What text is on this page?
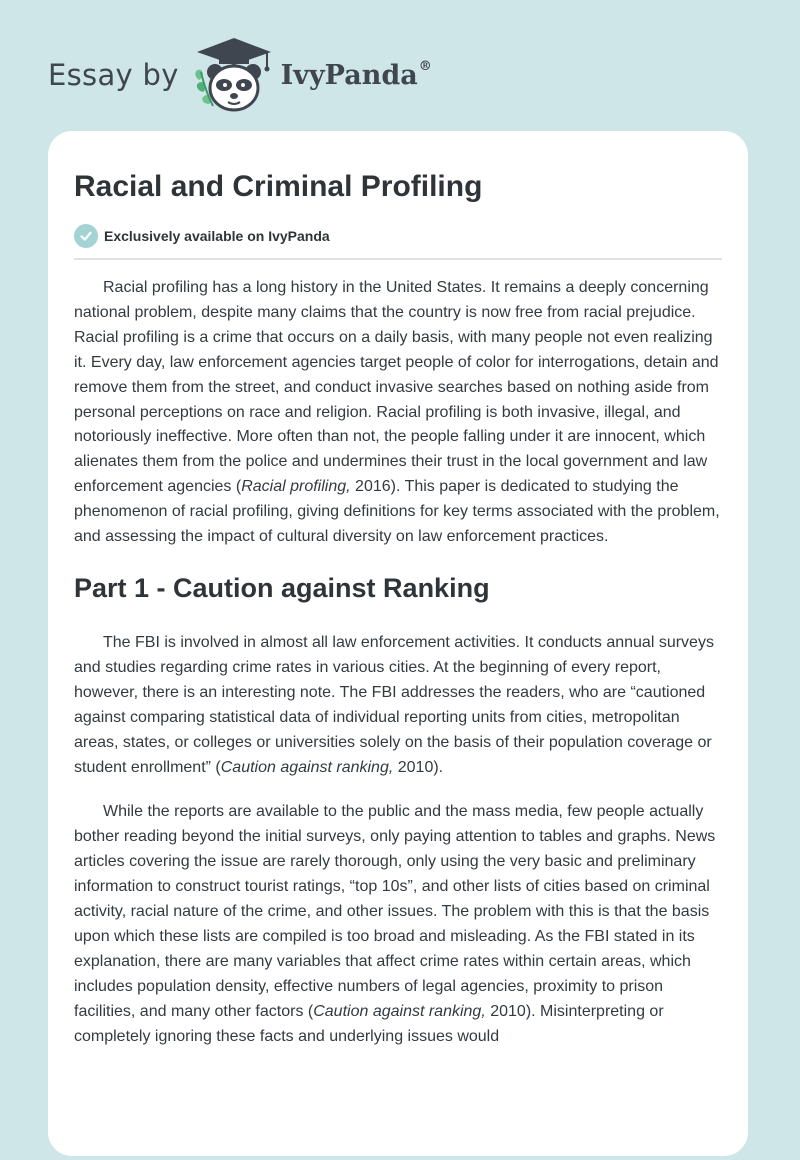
Essay by	IvyPanda®
Racial and Criminal Profiling
Exclusively available on IvyPanda

Racial profiling has a long history in the United States. It remains a deeply concerning national problem, despite many claims that the country is now free from racial prejudice. Racial profiling is a crime that occurs on a daily basis, with many people not even realizing it. Every day, law enforcement agencies target people of color for interrogations, detain and remove them from the street, and conduct invasive searches based on nothing aside from personal perceptions on race and religion. Racial profiling is both invasive, illegal, and notoriously ineffective. More often than not, the people falling under it are innocent, which alienates them from the police and undermines their trust in the local government and law enforcement agencies (Racial profiling, 2016). This paper is dedicated to studying the phenomenon of racial profiling, giving definitions for key terms associated with the problem, and assessing the impact of cultural diversity on law enforcement practices.

Part 1 - Caution against Ranking

The FBI is involved in almost all law enforcement activities. It conducts annual surveys and studies regarding crime rates in various cities. At the beginning of every report, however, there is an interesting note. The FBI addresses the readers, who are “cautioned against comparing statistical data of individual reporting units from cities, metropolitan areas, states, or colleges or universities solely on the basis of their population coverage or student enrollment” (Caution against ranking, 2010).

While the reports are available to the public and the mass media, few people actually bother reading beyond the initial surveys, only paying attention to tables and graphs. News articles covering the issue are rarely thorough, only using the very basic and preliminary information to construct tourist ratings, “top 10s”, and other lists of cities based on criminal activity, racial nature of the crime, and other issues. The problem with this is that the basis upon which these lists are compiled is too broad and misleading. As the FBI stated in its explanation, there are many variables that affect crime rates within certain areas, which includes population density, effective numbers of legal agencies, proximity to prison facilities, and many other factors (Caution against ranking, 2010). Misinterpreting or completely ignoring these facts and underlying issues would
